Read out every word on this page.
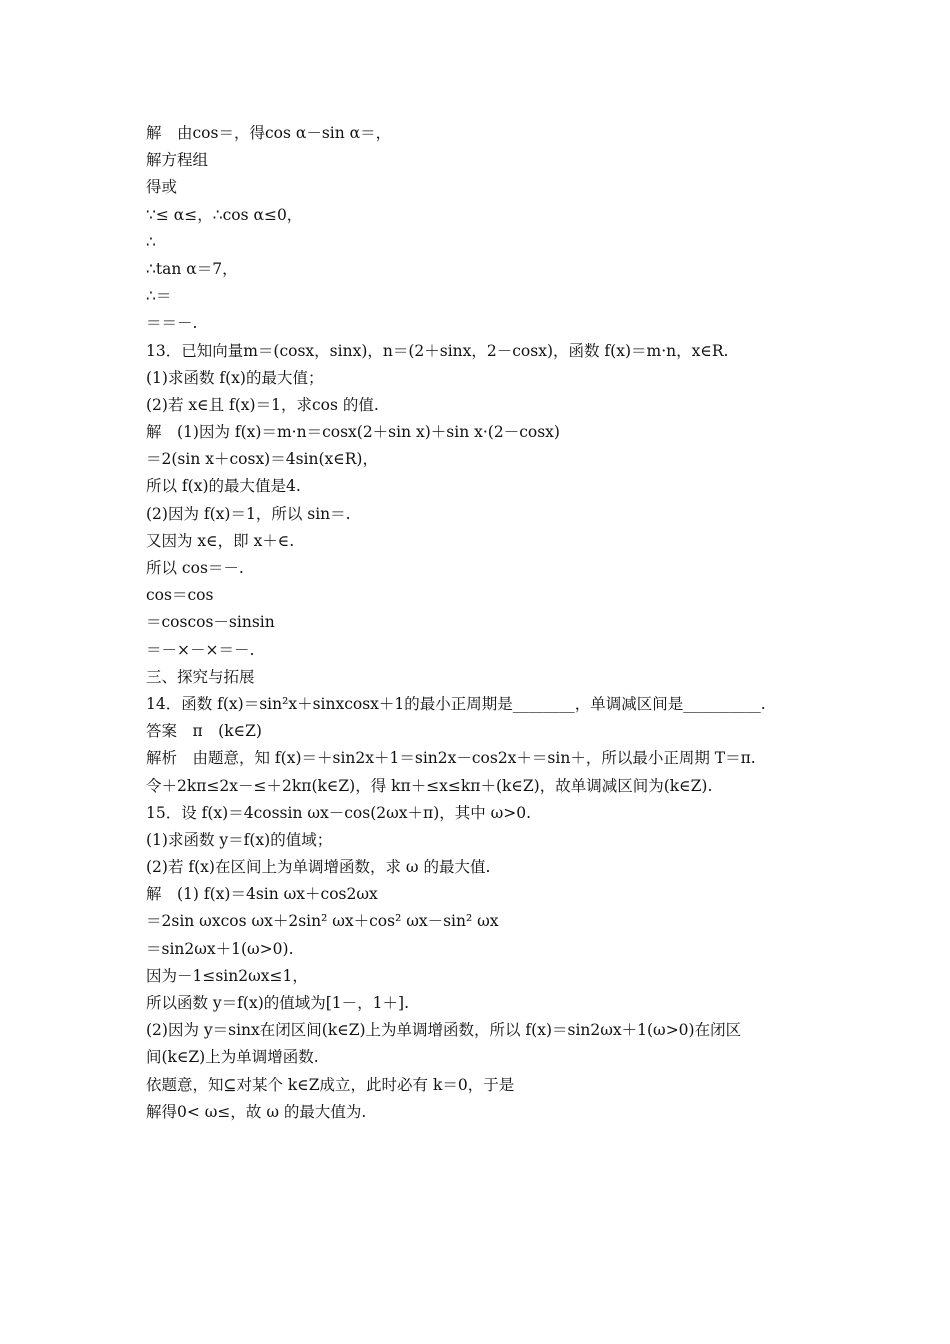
解　由cos＝，得cos α－sin α＝，
解方程组
得或
∵≤ α≤，∴cos α≤0，
∴
∴tan α＝7，
∴＝
＝＝－.
13．已知向量m＝(cosx，sinx)，n＝(2＋sinx，2－cosx)，函数 f(x)＝m·n，x∈R.
(1)求函数 f(x)的最大值；
(2)若 x∈且 f(x)＝1，求cos 的值.
解　(1)因为 f(x)＝m·n＝cosx(2＋sin x)＋sin x·(2－cosx)
＝2(sin x＋cosx)＝4sin(x∈R)，
所以 f(x)的最大值是4.
(2)因为 f(x)＝1，所以 sin＝.
又因为 x∈，即 x＋∈.
所以 cos＝－.
cos＝cos
＝coscos－sinsin
＝－×－×＝－.
三、探究与拓展
14．函数 f(x)＝sin²x＋sinxcosx＋1的最小正周期是________，单调减区间是__________.
答案　π　(k∈Z)
解析　由题意，知 f(x)＝＋sin2x＋1＝sin2x－cos2x＋＝sin＋，所以最小正周期 T＝π.
令＋2kπ≤2x－≤＋2kπ(k∈Z)，得 kπ＋≤x≤kπ＋(k∈Z)，故单调减区间为(k∈Z).
15．设 f(x)＝4cossin ωx－cos(2ωx＋π)，其中 ω>0.
(1)求函数 y＝f(x)的值域；
(2)若 f(x)在区间上为单调增函数，求 ω 的最大值.
解　(1) f(x)＝4sin ωx＋cos2ωx
＝2sin ωxcos ωx＋2sin² ωx＋cos² ωx－sin² ωx
＝sin2ωx＋1(ω>0).
因为－1≤sin2ωx≤1，
所以函数 y＝f(x)的值域为[1－，1＋].
(2)因为 y＝sinx在闭区间(k∈Z)上为单调增函数，所以 f(x)＝sin2ωx＋1(ω>0)在闭区
间(k∈Z)上为单调增函数.
依题意，知⊆对某个 k∈Z成立，此时必有 k＝0，于是
解得0< ω≤，故 ω 的最大值为.
